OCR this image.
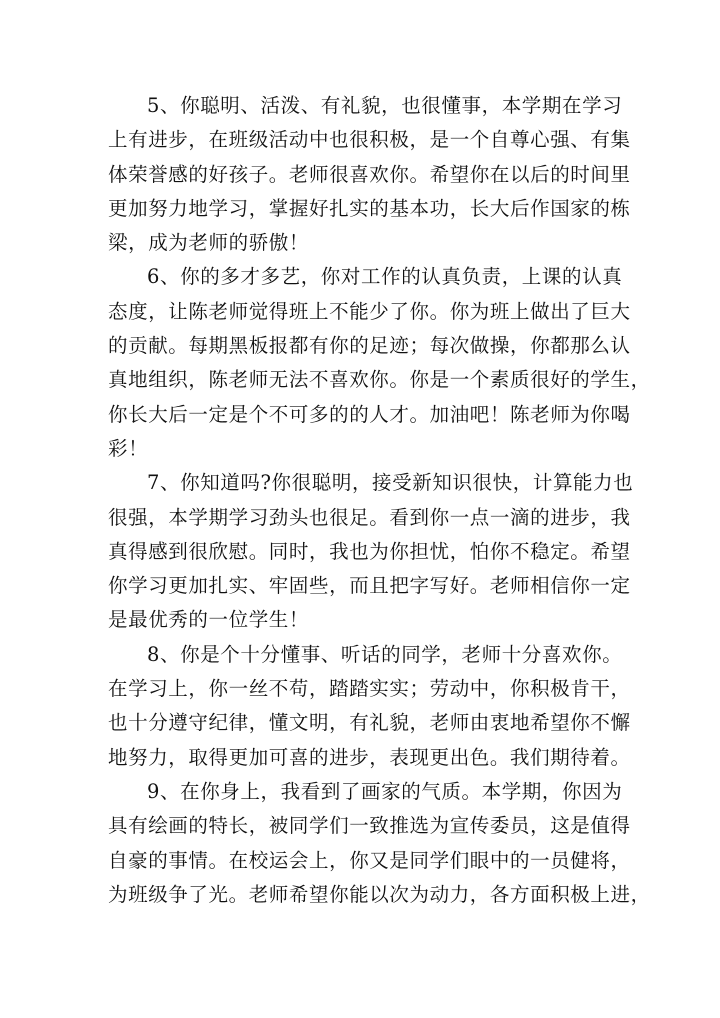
5、你聪明、活泼、有礼貌，也很懂事，本学期在学习
上有进步，在班级活动中也很积极，是一个自尊心强、有集
体荣誉感的好孩子。老师很喜欢你。希望你在以后的时间里
更加努力地学习，掌握好扎实的基本功，长大后作国家的栋
梁，成为老师的骄傲！
6、你的多才多艺，你对工作的认真负责，上课的认真
态度，让陈老师觉得班上不能少了你。你为班上做出了巨大
的贡献。每期黑板报都有你的足迹；每次做操，你都那么认
真地组织，陈老师无法不喜欢你。你是一个素质很好的学生，
你长大后一定是个不可多的的人才。加油吧！陈老师为你喝
彩！
7、你知道吗?你很聪明，接受新知识很快，计算能力也
很强，本学期学习劲头也很足。看到你一点一滴的进步，我
真得感到很欣慰。同时，我也为你担忧，怕你不稳定。希望
你学习更加扎实、牢固些，而且把字写好。老师相信你一定
是最优秀的一位学生！
8、你是个十分懂事、听话的同学，老师十分喜欢你。
在学习上，你一丝不苟，踏踏实实；劳动中，你积极肯干，
也十分遵守纪律，懂文明，有礼貌，老师由衷地希望你不懈
地努力，取得更加可喜的进步，表现更出色。我们期待着。
9、在你身上，我看到了画家的气质。本学期，你因为
具有绘画的特长，被同学们一致推选为宣传委员，这是值得
自豪的事情。在校运会上，你又是同学们眼中的一员健将，
为班级争了光。老师希望你能以次为动力，各方面积极上进，
